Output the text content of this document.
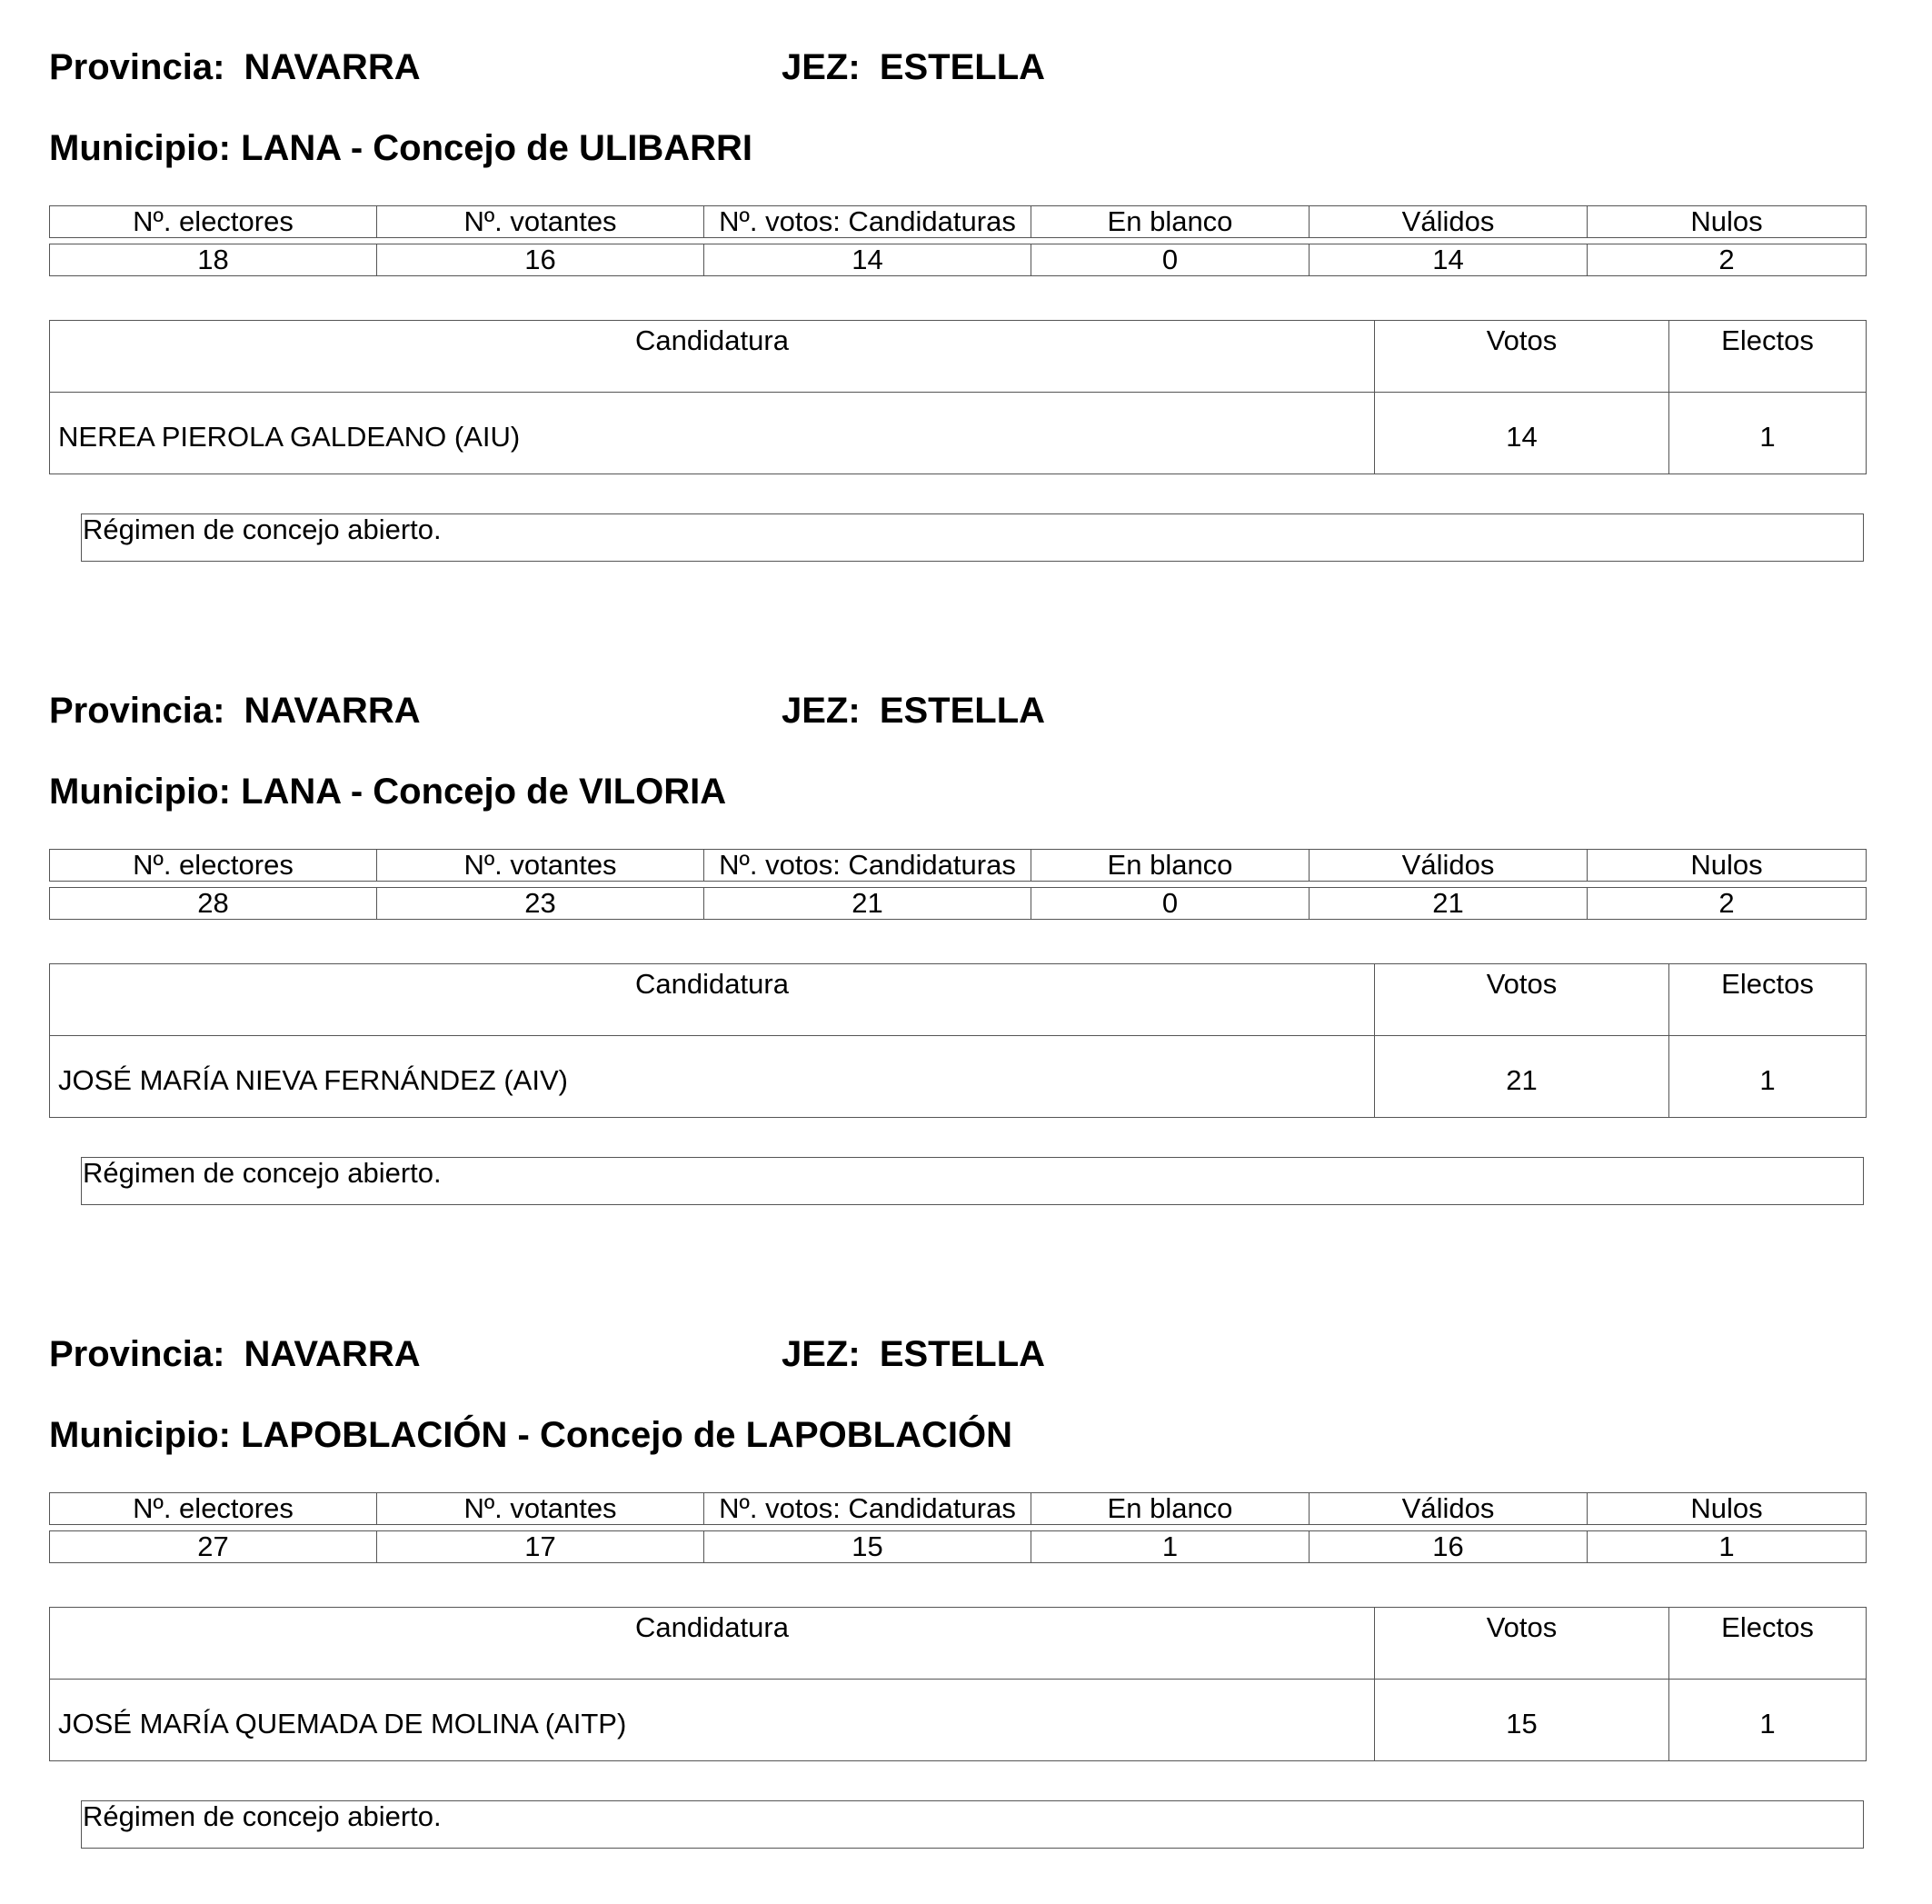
Provincia: NAVARRA	JEZ: ESTELLA
Municipio: LANA - Concejo de ULIBARRI
Nº. electores	Nº. votantes	Nº. votos: Candidaturas	En blanco	Válidos	Nulos
18	16	14	0	14	2
Candidatura	Votos	Electos
NEREA PIEROLA GALDEANO (AIU)	14	1
Régimen de concejo abierto.
Provincia: NAVARRA	JEZ: ESTELLA
Municipio: LANA - Concejo de VILORIA
Nº. electores	Nº. votantes	Nº. votos: Candidaturas	En blanco	Válidos	Nulos
28	23	21	0	21	2
Candidatura	Votos	Electos
JOSÉ MARÍA NIEVA FERNÁNDEZ (AIV)	21	1
Régimen de concejo abierto.
Provincia: NAVARRA	JEZ: ESTELLA
Municipio: LAPOBLACIÓN - Concejo de LAPOBLACIÓN
Nº. electores	Nº. votantes	Nº. votos: Candidaturas	En blanco	Válidos	Nulos
27	17	15	1	16	1
Candidatura	Votos	Electos
JOSÉ MARÍA QUEMADA DE MOLINA (AITP)	15	1
Régimen de concejo abierto.
